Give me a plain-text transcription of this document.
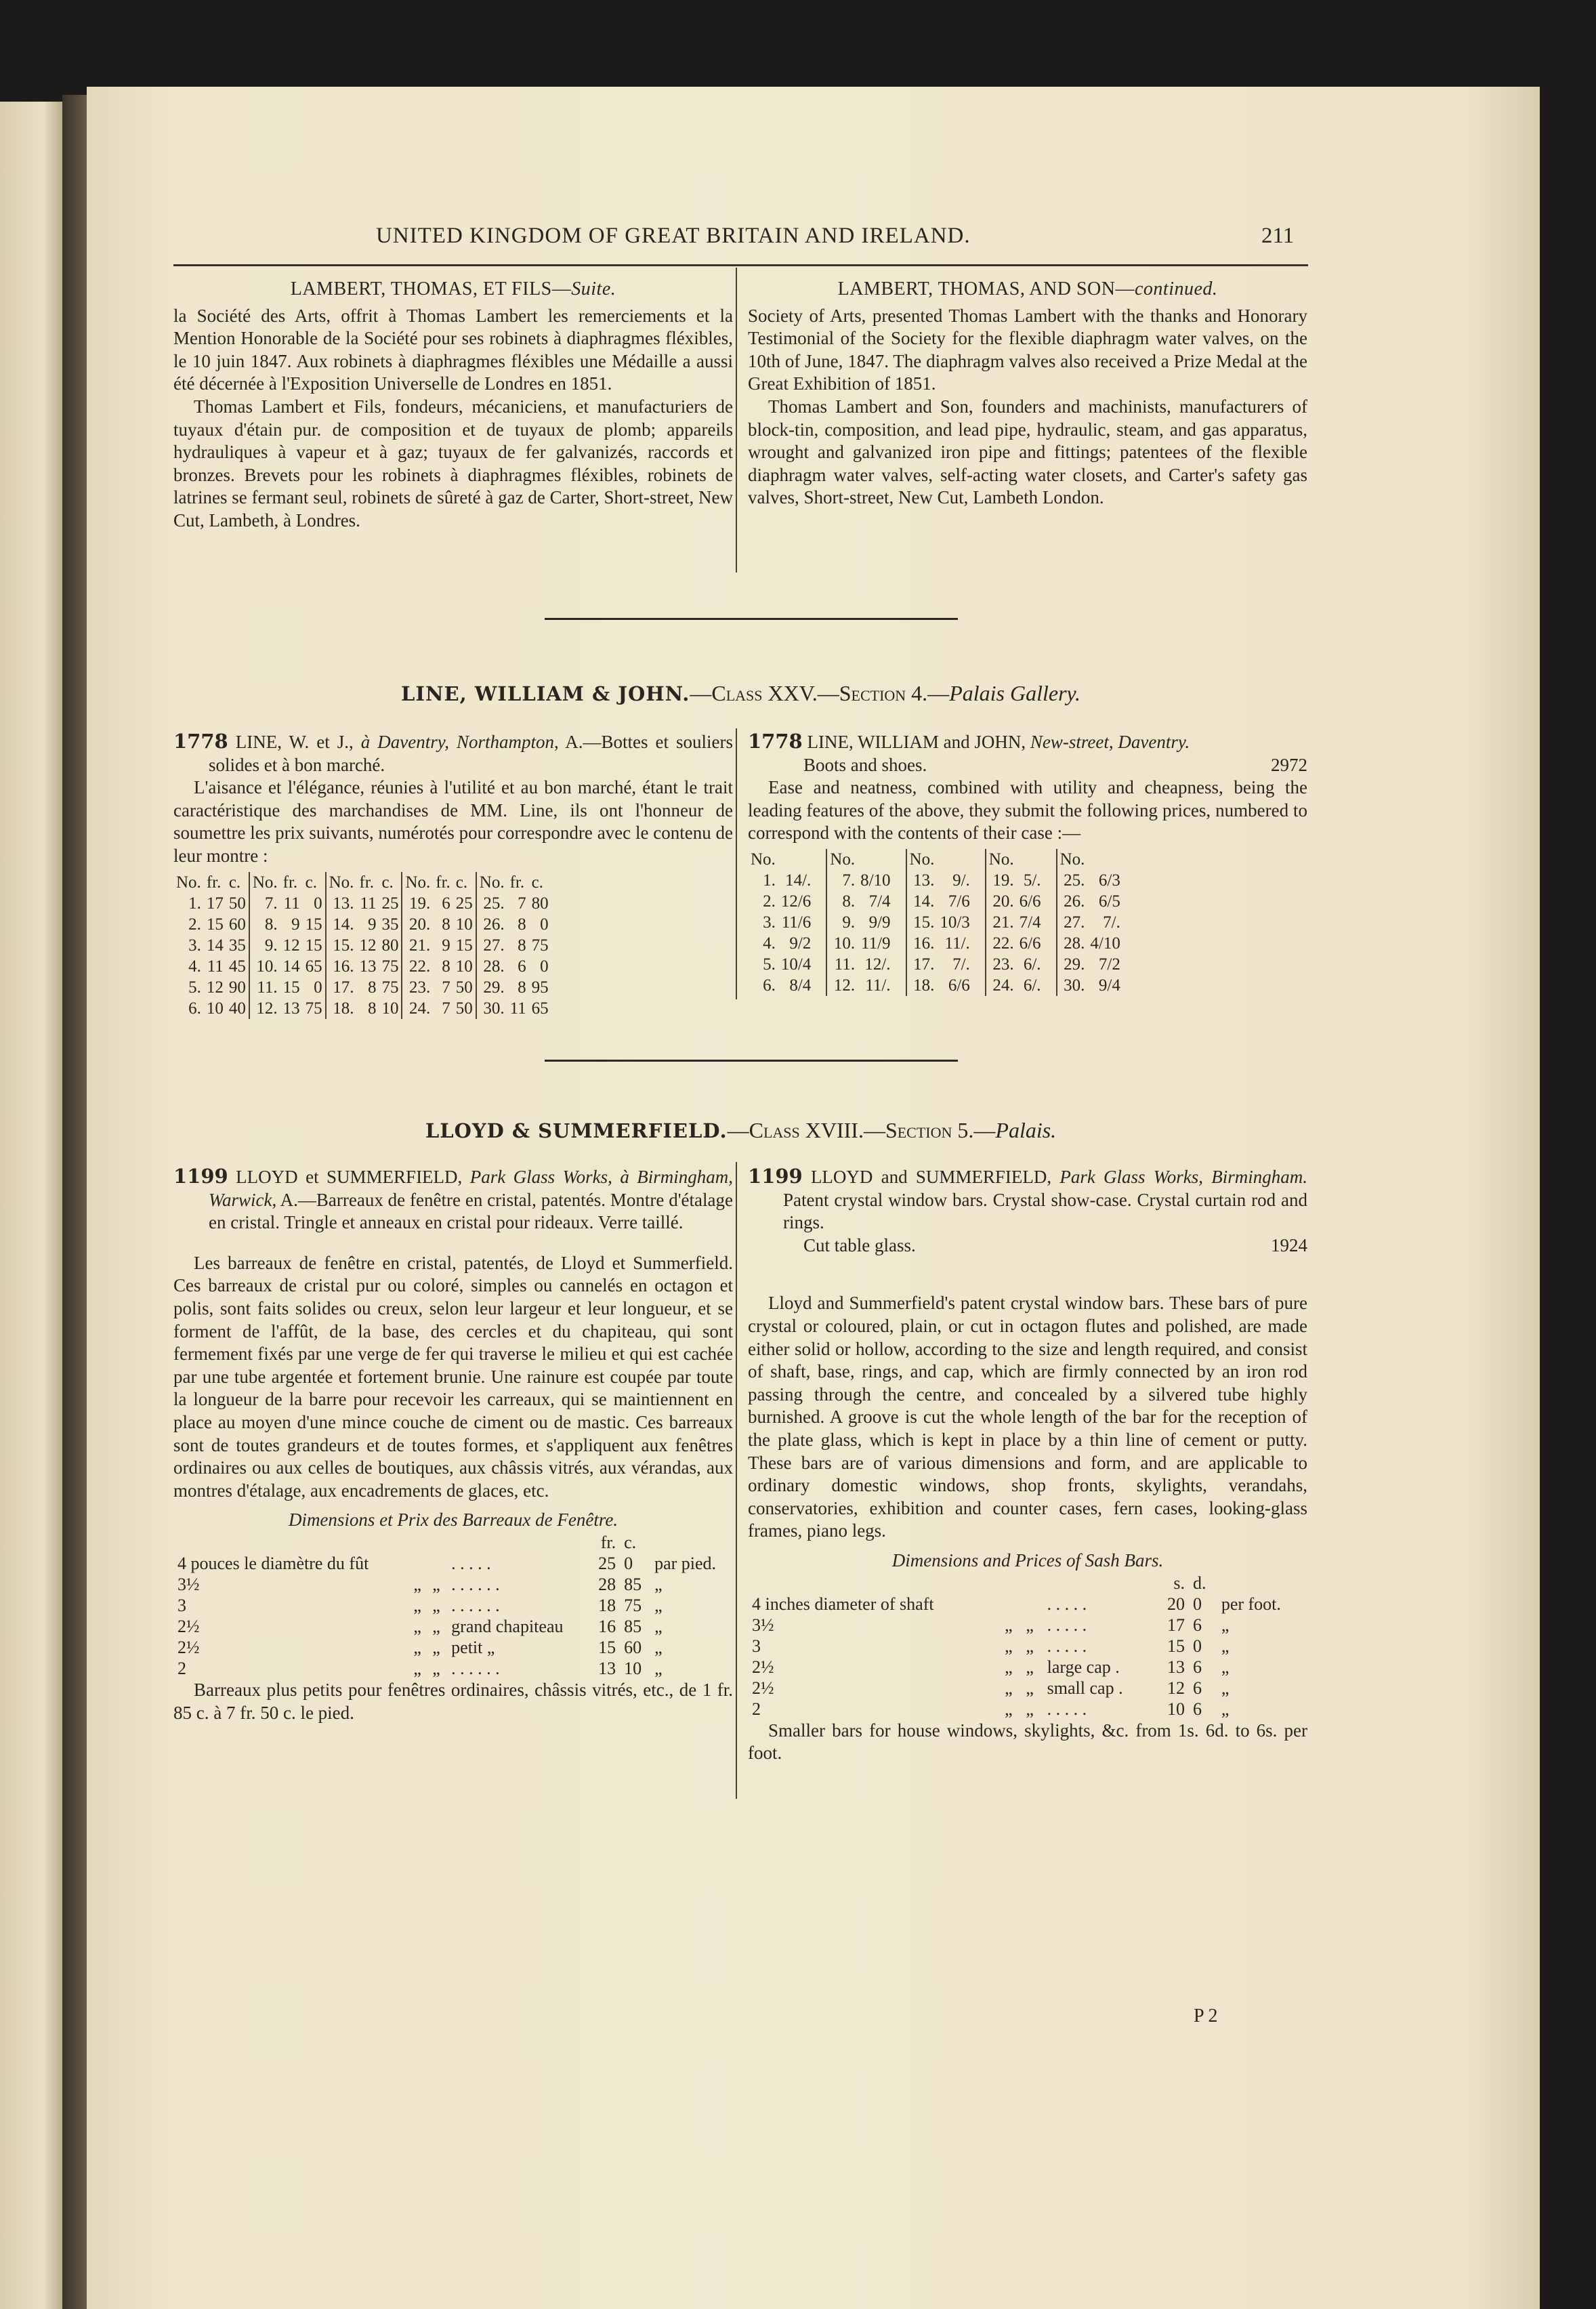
UNITED KINGDOM OF GREAT BRITAIN AND IRELAND.	211
LAMBERT, THOMAS, ET FILS—Suite.

la Société des Arts, offrit à Thomas Lambert les remerciements et la Mention Honorable de la Société pour ses robinets à diaphragmes fléxibles, le 10 juin 1847. Aux robinets à diaphragmes fléxibles une Médaille a aussi été décernée à l'Exposition Universelle de Londres en 1851.

Thomas Lambert et Fils, fondeurs, mécaniciens, et manufacturiers de tuyaux d'étain pur. de composition et de tuyaux de plomb; appareils hydrauliques à vapeur et à gaz; tuyaux de fer galvanizés, raccords et bronzes. Brevets pour les robinets à diaphragmes fléxibles, robinets de latrines se fermant seul, robinets de sûreté à gaz de Carter, Short-street, New Cut, Lambeth, à Londres.

LAMBERT, THOMAS, AND SON—continued.

Society of Arts, presented Thomas Lambert with the thanks and Honorary Testimonial of the Society for the flexible diaphragm water valves, on the 10th of June, 1847. The diaphragm valves also received a Prize Medal at the Great Exhibition of 1851.

Thomas Lambert and Son, founders and machinists, manufacturers of block-tin, composition, and lead pipe, hydraulic, steam, and gas apparatus, wrought and galvanized iron pipe and fittings; patentees of the flexible diaphragm water valves, self-acting water closets, and Carter's safety gas valves, Short-street, New Cut, Lambeth London.

LINE, WILLIAM & JOHN.—Class XXV.—Section 4.—Palais Gallery.

1778 LINE, W. et J., à Daventry, Northampton, A.—Bottes et souliers solides et à bon marché.

L'aisance et l'élégance, réunies à l'utilité et au bon marché, étant le trait caractéristique des marchandises de MM. Line, ils ont l'honneur de soumettre les prix suivants, numérotés pour correspondre avec le contenu de leur montre :

No.	fr.	c.	No.	fr.	c.	No.	fr.	c.	No.	fr.	c.	No.	fr.	c.
1.	17	50	7.	11	0	13.	11	25	19.	6	25	25.	7	80
2.	15	60	8.	9	15	14.	9	35	20.	8	10	26.	8	0
3.	14	35	9.	12	15	15.	12	80	21.	9	15	27.	8	75
4.	11	45	10.	14	65	16.	13	75	22.	8	10	28.	6	0
5.	12	90	11.	15	0	17.	8	75	23.	7	50	29.	8	95
6.	10	40	12.	13	75	18.	8	10	24.	7	50	30.	11	65

1778 LINE, WILLIAM and JOHN, New-street, Daventry.

Boots and shoes.	2972

Ease and neatness, combined with utility and cheapness, being the leading features of the above, they submit the following prices, numbered to correspond with the contents of their case :—

No.		No.		No.		No.		No.	
1.	14/.	7.	8/10	13.	9/.	19.	5/.	25.	6/3
2.	12/6	8.	7/4	14.	7/6	20.	6/6	26.	6/5
3.	11/6	9.	9/9	15.	10/3	21.	7/4	27.	7/.
4.	9/2	10.	11/9	16.	11/.	22.	6/6	28.	4/10
5.	10/4	11.	12/.	17.	7/.	23.	6/.	29.	7/2
6.	8/4	12.	11/.	18.	6/6	24.	6/.	30.	9/4
LLOYD & SUMMERFIELD.—Class XVIII.—Section 5.—Palais.

1199 LLOYD et SUMMERFIELD, Park Glass Works, à Birmingham, Warwick, A.—Barreaux de fenêtre en cristal, patentés. Montre d'étalage en cristal. Tringle et anneaux en cristal pour rideaux. Verre taillé.

Les barreaux de fenêtre en cristal, patentés, de Lloyd et Summerfield. Ces barreaux de cristal pur ou coloré, simples ou cannelés en octagon et polis, sont faits solides ou creux, selon leur largeur et leur longueur, et se forment de l'affût, de la base, des cercles et du chapiteau, qui sont fermement fixés par une verge de fer qui traverse le milieu et qui est cachée par une tube argentée et fortement brunie. Une rainure est coupée par toute la longueur de la barre pour recevoir les carreaux, qui se maintiennent en place au moyen d'une mince couche de ciment ou de mastic. Ces barreaux sont de toutes grandeurs et de toutes formes, et s'appliquent aux fenêtres ordinaires ou aux celles de boutiques, aux châssis vitrés, aux vérandas, aux montres d'étalage, aux encadrements de glaces, etc.

Dimensions et Prix des Barreaux de Fenêtre.
				fr.	c.	
4 pouces le diamètre du fût			. . . . .	25	0	par pied.
3½	„	„	. . . . . .	28	85	„
3	„	„	. . . . . .	18	75	„
2½	„	„	grand chapiteau	16	85	„
2½	„	„	petit „	15	60	„
2	„	„	. . . . . .	13	10	„

Barreaux plus petits pour fenêtres ordinaires, châssis vitrés, etc., de 1 fr. 85 c. à 7 fr. 50 c. le pied.

1199 LLOYD and SUMMERFIELD, Park Glass Works, Birmingham. Patent crystal window bars. Crystal show-case. Crystal curtain rod and rings.

Cut table glass.	1924

Lloyd and Summerfield's patent crystal window bars. These bars of pure crystal or coloured, plain, or cut in octagon flutes and polished, are made either solid or hollow, according to the size and length required, and consist of shaft, base, rings, and cap, which are firmly connected by an iron rod passing through the centre, and concealed by a silvered tube highly burnished. A groove is cut the whole length of the bar for the reception of the plate glass, which is kept in place by a thin line of cement or putty. These bars are of various dimensions and form, and are applicable to ordinary domestic windows, shop fronts, skylights, verandahs, conservatories, exhibition and counter cases, fern cases, looking-glass frames, piano legs.

Dimensions and Prices of Sash Bars.
				s.	d.	
4 inches diameter of shaft			. . . . .	20	0	per foot.
3½	„	„	. . . . .	17	6	„
3	„	„	. . . . .	15	0	„
2½	„	„	large cap .	13	6	„
2½	„	„	small cap .	12	6	„
2	„	„	. . . . .	10	6	„

Smaller bars for house windows, skylights, &c. from 1s. 6d. to 6s. per foot.

P 2
